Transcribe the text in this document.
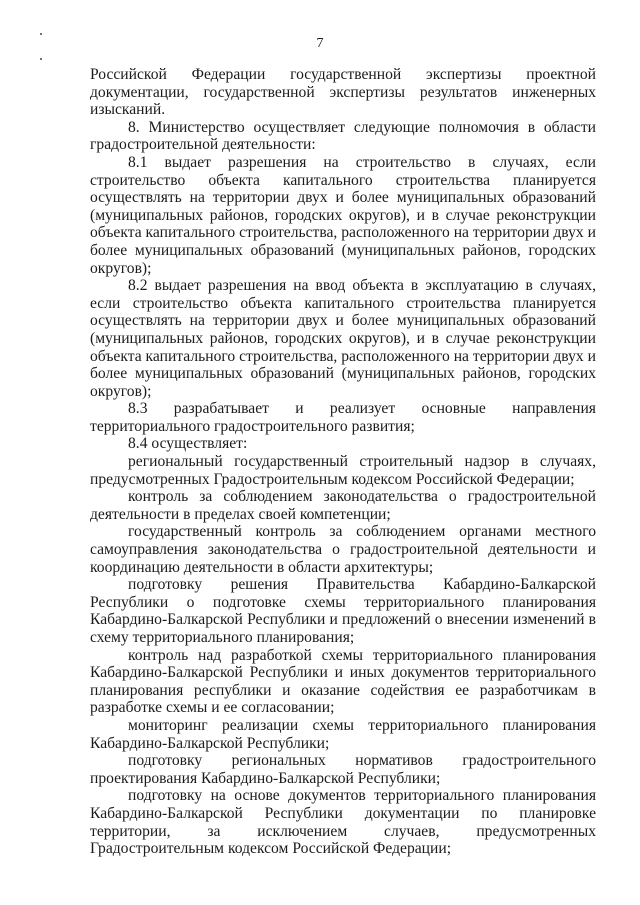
7

Российской Федерации государственной экспертизы проектной документации, государственной экспертизы результатов инженерных изысканий.

8. Министерство осуществляет следующие полномочия в области градостроительной деятельности:

8.1 выдает разрешения на строительство в случаях, если строительство объекта капитального строительства планируется осуществлять на территории двух и более муниципальных образований (муниципальных районов, городских округов), и в случае реконструкции объекта капитального строительства, расположенного на территории двух и более муниципальных образований (муниципальных районов, городских округов);

8.2 выдает разрешения на ввод объекта в эксплуатацию в случаях, если строительство объекта капитального строительства планируется осуществлять на территории двух и более муниципальных образований (муниципальных районов, городских округов), и в случае реконструкции объекта капитального строительства, расположенного на территории двух и более муниципальных образований (муниципальных районов, городских округов);

8.3 разрабатывает и реализует основные направления территориального градостроительного развития;

8.4 осуществляет:

региональный государственный строительный надзор в случаях, предусмотренных Градостроительным кодексом Российской Федерации;

контроль за соблюдением законодательства о градостроительной деятельности в пределах своей компетенции;

государственный контроль за соблюдением органами местного самоуправления законодательства о градостроительной деятельности и координацию деятельности в области архитектуры;

подготовку решения Правительства Кабардино-Балкарской Республики о подготовке схемы территориального планирования Кабардино-Балкарской Республики и предложений о внесении изменений в схему территориального планирования;

контроль над разработкой схемы территориального планирования Кабардино-Балкарской Республики и иных документов территориального планирования республики и оказание содействия ее разработчикам в разработке схемы и ее согласовании;

мониторинг реализации схемы территориального планирования Кабардино-Балкарской Республики;

подготовку региональных нормативов градостроительного проектирования Кабардино-Балкарской Республики;

подготовку на основе документов территориального планирования Кабардино-Балкарской Республики документации по планировке территории, за исключением случаев, предусмотренных Градостроительным кодексом Российской Федерации;
